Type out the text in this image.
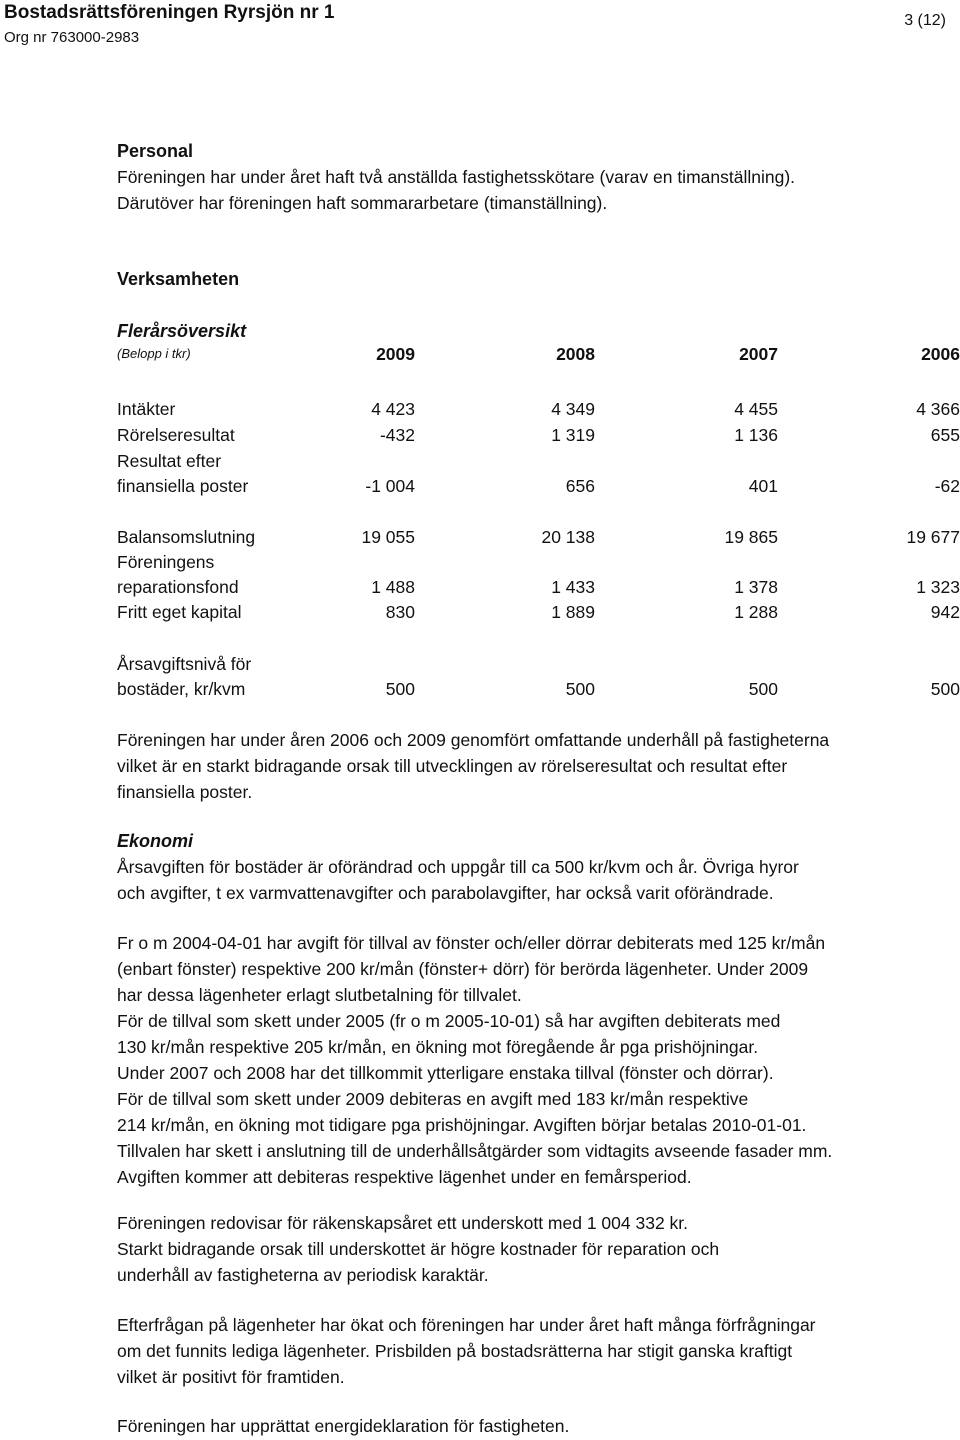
Bostadsrättsföreningen Ryrsjön nr 1
Org nr 763000-2983
3 (12)
Personal
Föreningen har under året haft två anställda fastighetsskötare (varav en timanställning).
Därutöver har föreningen haft sommararbetare (timanställning).
Verksamheten
Flerårsöversikt
(Belopp i tkr)	2009	2008	2007	2006
Intäkter	4 423	4 349	4 455	4 366
Rörelseresultat	-432	1 319	1 136	655
Resultat efter
finansiella poster	-1 004	656	401	-62
Balansomslutning	19 055	20 138	19 865	19 677
Föreningens
reparationsfond	1 488	1 433	1 378	1 323
Fritt eget kapital	830	1 889	1 288	942
Årsavgiftsnivå för
bostäder, kr/kvm	500	500	500	500
Föreningen har under åren 2006 och 2009 genomfört omfattande underhåll på fastigheterna
vilket är en starkt bidragande orsak till utvecklingen av rörelseresultat och resultat efter
finansiella poster.
Ekonomi
Årsavgiften för bostäder är oförändrad och uppgår till ca 500 kr/kvm och år. Övriga hyror
och avgifter, t ex varmvattenavgifter och parabolavgifter, har också varit oförändrade.
Fr o m 2004-04-01 har avgift för tillval av fönster och/eller dörrar debiterats med 125 kr/mån
(enbart fönster) respektive 200 kr/mån (fönster+ dörr) för berörda lägenheter. Under 2009
har dessa lägenheter erlagt slutbetalning för tillvalet.
För de tillval som skett under 2005 (fr o m 2005-10-01) så har avgiften debiterats med
130 kr/mån respektive 205 kr/mån, en ökning mot föregående år pga prishöjningar.
Under 2007 och 2008 har det tillkommit ytterligare enstaka tillval (fönster och dörrar).
För de tillval som skett under 2009 debiteras en avgift med 183 kr/mån respektive
214 kr/mån, en ökning mot tidigare pga prishöjningar. Avgiften börjar betalas 2010-01-01.
Tillvalen har skett i anslutning till de underhållsåtgärder som vidtagits avseende fasader mm.
Avgiften kommer att debiteras respektive lägenhet under en femårsperiod.
Föreningen redovisar för räkenskapsåret ett underskott med 1 004 332 kr.
Starkt bidragande orsak till underskottet är högre kostnader för reparation och
underhåll av fastigheterna av periodisk karaktär.
Efterfrågan på lägenheter har ökat och föreningen har under året haft många förfrågningar
om det funnits lediga lägenheter. Prisbilden på bostadsrätterna har stigit ganska kraftigt
vilket är positivt för framtiden.
Föreningen har upprättat energideklaration för fastigheten.
